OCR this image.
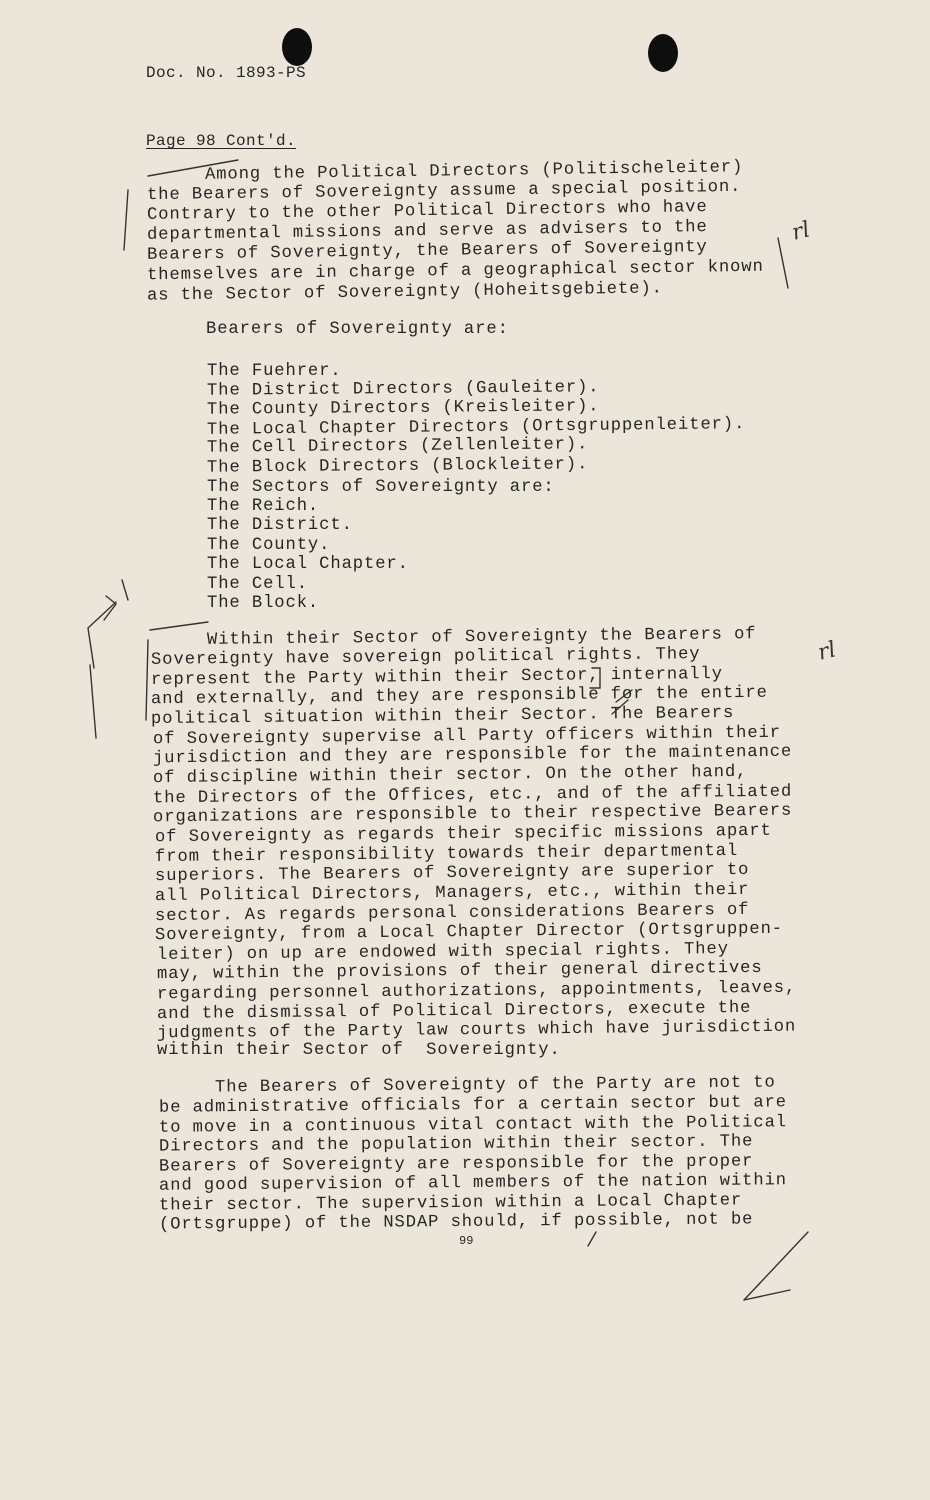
Doc. No. 1893-PS
Page 98 Cont'd.
Among the Political Directors (Politischeleiter)
the Bearers of Sovereignty assume a special position.
Contrary to the other Political Directors who have
departmental missions and serve as advisers to the
Bearers of Sovereignty, the Bearers of Sovereignty
themselves are in charge of a geographical sector known
as the Sector of Sovereignty (Hoheitsgebiete).
Bearers of Sovereignty are:
The Fuehrer.
The District Directors (Gauleiter).
The County Directors (Kreisleiter).
The Local Chapter Directors (Ortsgruppenleiter).
The Cell Directors (Zellenleiter).
The Block Directors (Blockleiter).
The Sectors of Sovereignty are:
The Reich.
The District.
The County.
The Local Chapter.
The Cell.
The Block.
Within their Sector of Sovereignty the Bearers of
Sovereignty have sovereign political rights. They
represent the Party within their Sector, internally
and externally, and they are responsible for the entire
political situation within their Sector. The Bearers
of Sovereignty supervise all Party officers within their
jurisdiction and they are responsible for the maintenance
of discipline within their sector. On the other hand,
the Directors of the Offices, etc., and of the affiliated
organizations are responsible to their respective Bearers
of Sovereignty as regards their specific missions apart
from their responsibility towards their departmental
superiors. The Bearers of Sovereignty are superior to
all Political Directors, Managers, etc., within their
sector. As regards personal considerations Bearers of
Sovereignty, from a Local Chapter Director (Ortsgruppen-
leiter) on up are endowed with special rights. They
may, within the provisions of their general directives
regarding personnel authorizations, appointments, leaves,
and the dismissal of Political Directors, execute the
judgments of the Party law courts which have jurisdiction
within their Sector of  Sovereignty.
The Bearers of Sovereignty of the Party are not to
be administrative officials for a certain sector but are
to move in a continuous vital contact with the Political
Directors and the population within their sector. The
Bearers of Sovereignty are responsible for the proper
and good supervision of all members of the nation within
their sector. The supervision within a Local Chapter
(Ortsgruppe) of the NSDAP should, if possible, not be
99
rl
rl
